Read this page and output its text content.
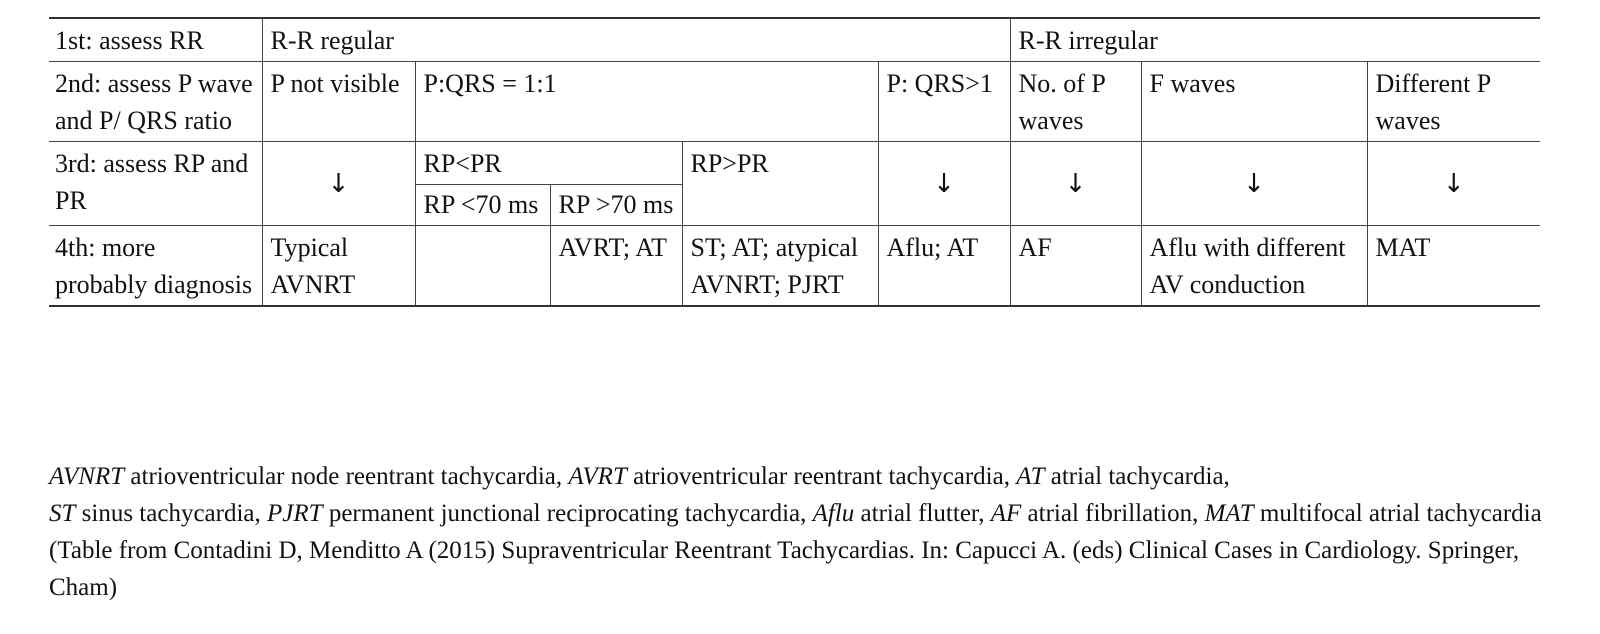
1st: assess RR	R-R regular					R-R irregular		
2nd: assess P wave and P/ QRS ratio	P not visible	P:QRS = 1:1			P: QRS>1	No. of P waves	F waves	Different P waves
3rd: assess RP and PR	↓	RP<PR		RP>PR	↓	↓	↓	↓
		RP <70 ms	RP >70 ms					
4th: more probably diagnosis	Typical AVNRT		AVRT; AT	ST; AT; atypical AVNRT; PJRT	Aflu; AT	AF	Aflu with different AV conduction	MAT
AVNRT atrioventricular node reentrant tachycardia, AVRT atrioventricular reentrant tachycardia, AT atrial tachycardia,
ST sinus tachycardia, PJRT permanent junctional reciprocating tachycardia, Aflu atrial flutter, AF atrial fibrillation, MAT multifocal atrial tachycardia (Table from Contadini D, Menditto A (2015) Supraventricular Reentrant Tachycardias. In: Capucci A. (eds) Clinical Cases in Cardiology. Springer, Cham)
